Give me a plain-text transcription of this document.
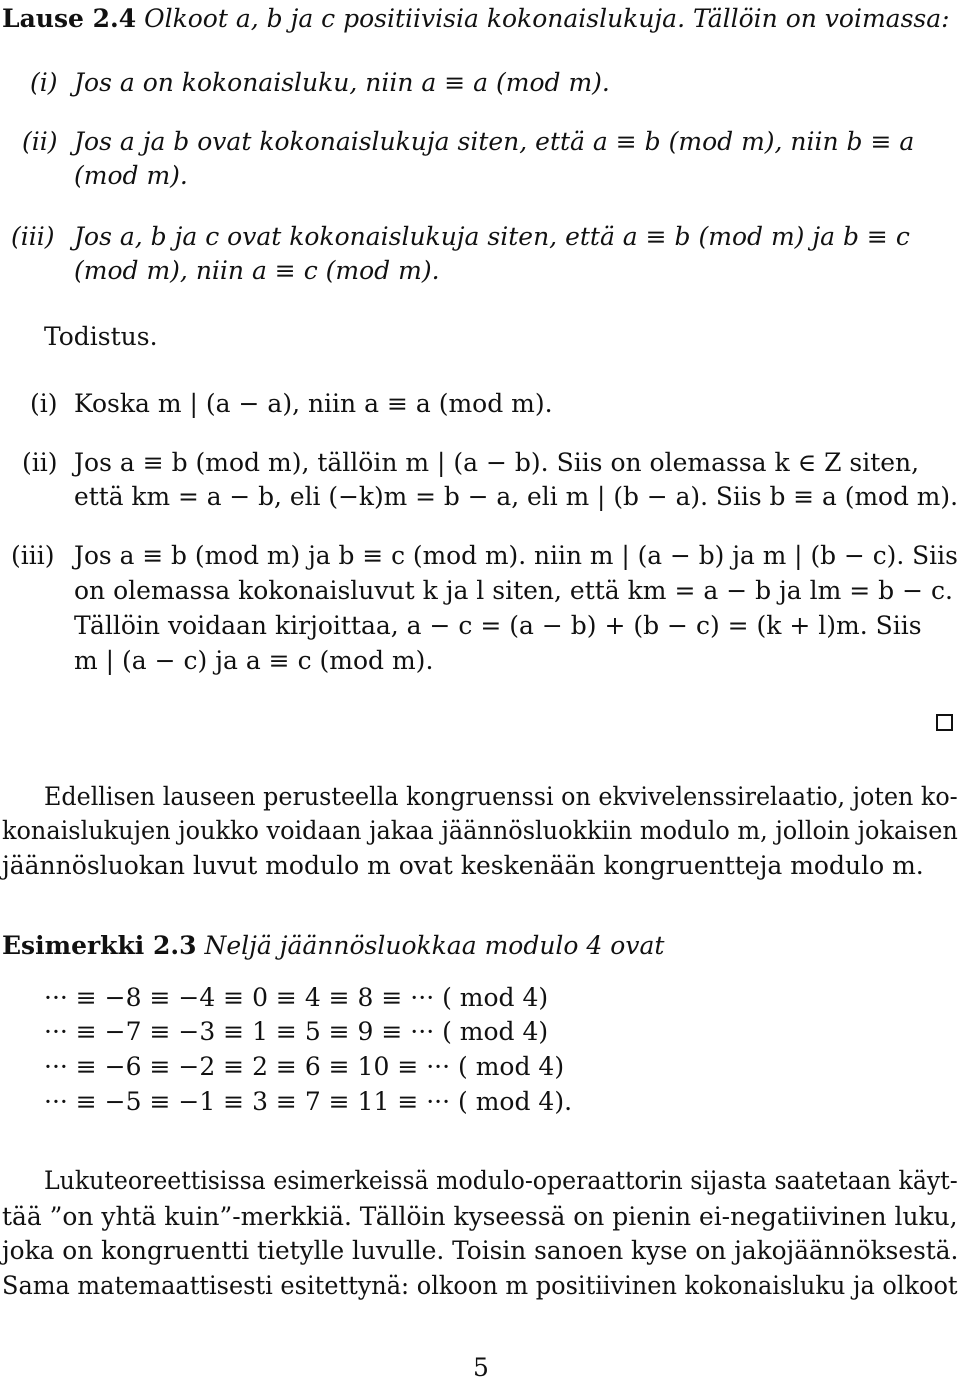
Lause 2.4 Olkoot a, b ja c positiivisia kokonaislukuja. Tällöin on voimassa:
(i) Jos a on kokonaisluku, niin a ≡ a (mod m).
(ii) Jos a ja b ovat kokonaislukuja siten, että a ≡ b (mod m), niin b ≡ a
(mod m).
(iii) Jos a, b ja c ovat kokonaislukuja siten, että a ≡ b (mod m) ja b ≡ c
(mod m), niin a ≡ c (mod m).
Todistus.
(i) Koska m | (a − a), niin a ≡ a (mod m).
(ii) Jos a ≡ b (mod m), tällöin m | (a − b). Siis on olemassa k ∈ Z siten,
että km = a − b, eli (−k)m = b − a, eli m | (b − a). Siis b ≡ a (mod m).
(iii) Jos a ≡ b (mod m) ja b ≡ c (mod m). niin m | (a − b) ja m | (b − c). Siis
on olemassa kokonaisluvut k ja l siten, että km = a − b ja lm = b − c.
Tällöin voidaan kirjoittaa, a − c = (a − b) + (b − c) = (k + l)m. Siis
m | (a − c) ja a ≡ c (mod m).
Edellisen lauseen perusteella kongruenssi on ekvivelenssirelaatio, joten ko-
konaislukujen joukko voidaan jakaa jäännösluokkiin modulo m, jolloin jokaisen
jäännösluokan luvut modulo m ovat keskenään kongruentteja modulo m.
Esimerkki 2.3 Neljä jäännösluokkaa modulo 4 ovat
··· ≡ −8 ≡ −4 ≡ 0 ≡ 4 ≡ 8 ≡ ··· ( mod 4)
··· ≡ −7 ≡ −3 ≡ 1 ≡ 5 ≡ 9 ≡ ··· ( mod 4)
··· ≡ −6 ≡ −2 ≡ 2 ≡ 6 ≡ 10 ≡ ··· ( mod 4)
··· ≡ −5 ≡ −1 ≡ 3 ≡ 7 ≡ 11 ≡ ··· ( mod 4).
Lukuteoreettisissa esimerkeissä modulo-operaattorin sijasta saatetaan käyt-
tää ”on yhtä kuin”-merkkiä. Tällöin kyseessä on pienin ei-negatiivinen luku,
joka on kongruentti tietylle luvulle. Toisin sanoen kyse on jakojäännöksestä.
Sama matemaattisesti esitettynä: olkoon m positiivinen kokonaisluku ja olkoot
5
